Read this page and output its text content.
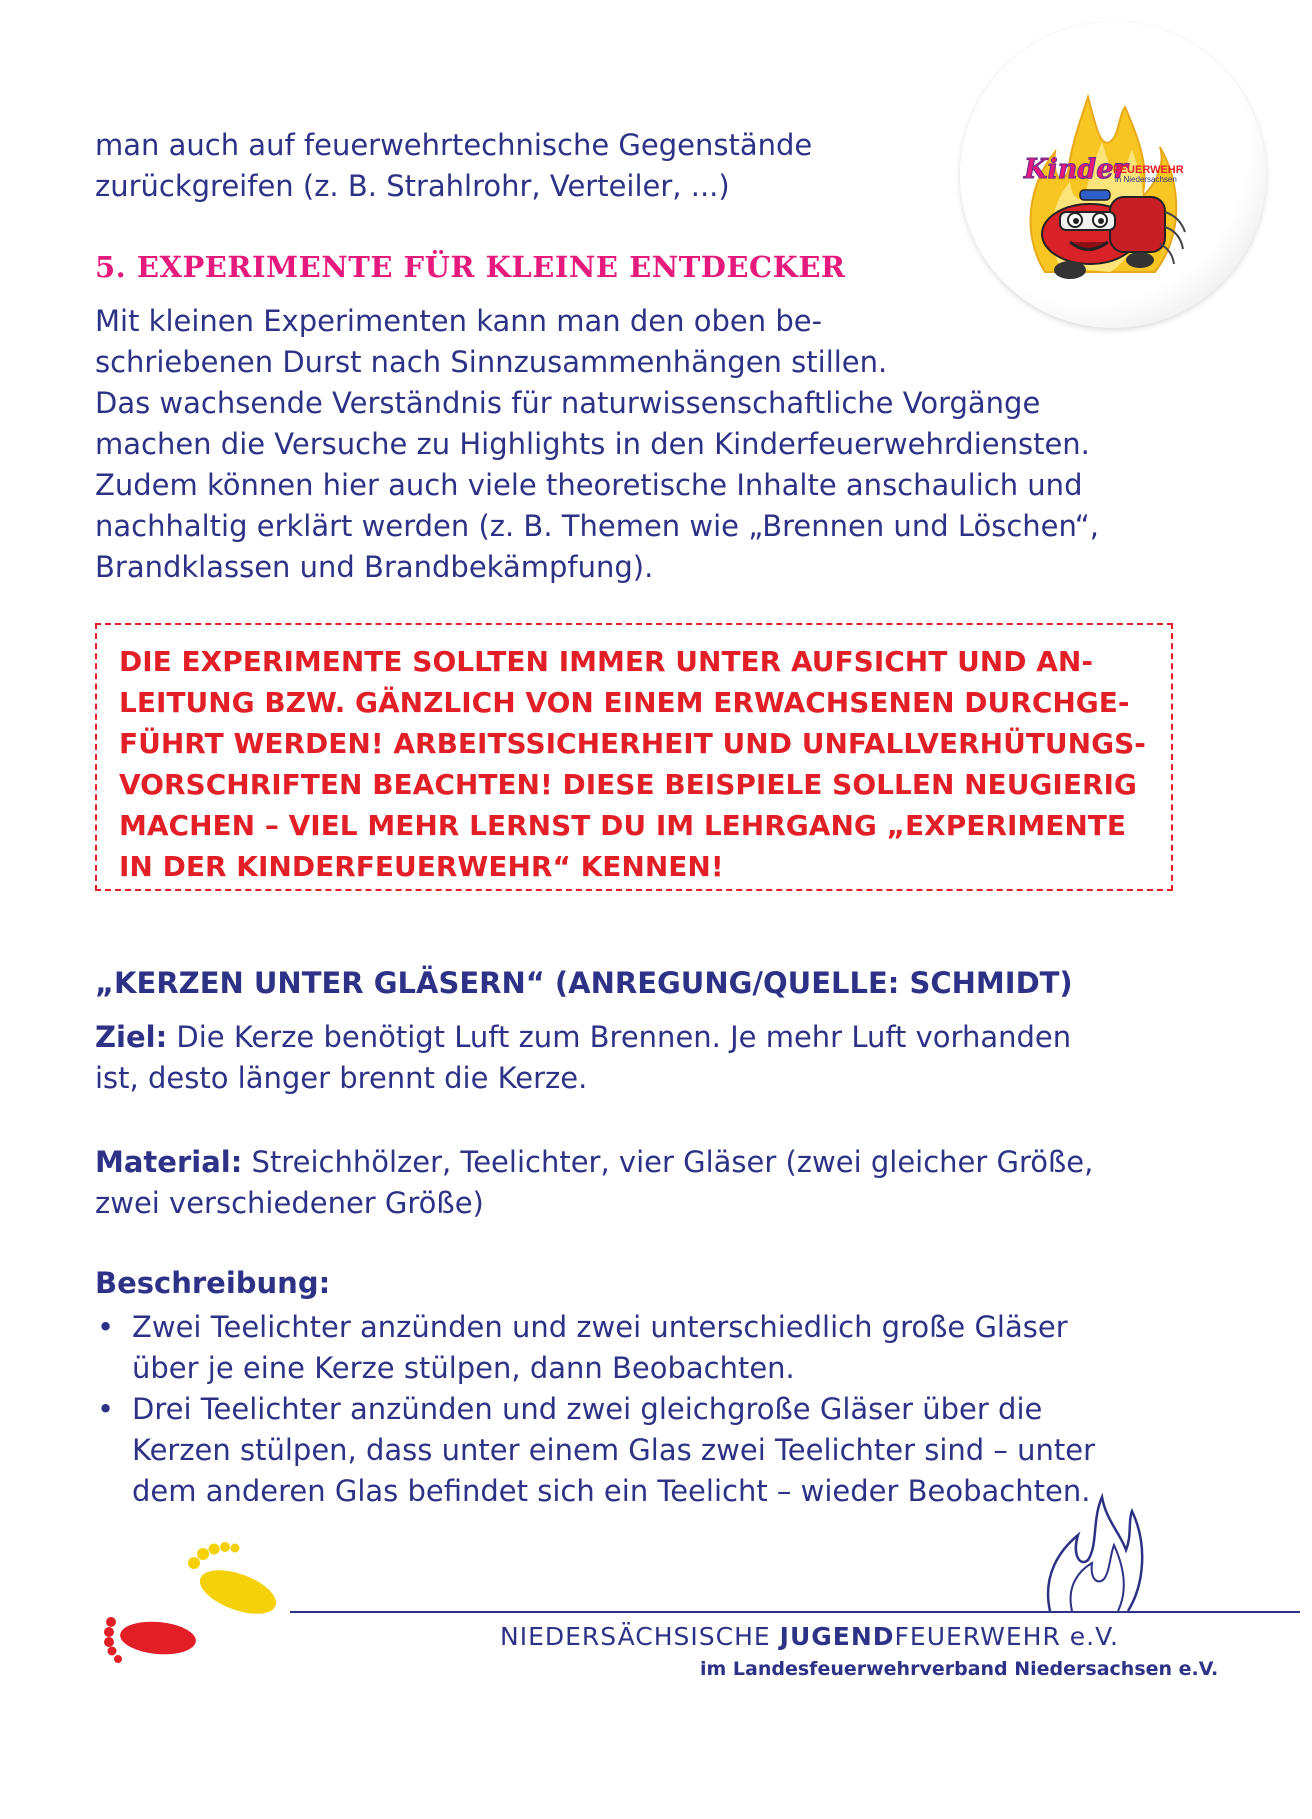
man auch auf feuerwehrtechnische Gegenstände
zurückgreifen (z. B. Strahlrohr, Verteiler, ...)
5. EXPERIMENTE FÜR KLEINE ENTDECKER
Mit kleinen Experimenten kann man den oben be-
schriebenen Durst nach Sinnzusammenhängen stillen.
Das wachsende Verständnis für naturwissenschaftliche Vorgänge
machen die Versuche zu Highlights in den Kinderfeuerwehrdiensten.
Zudem können hier auch viele theoretische Inhalte anschaulich und
nachhaltig erklärt werden (z. B. Themen wie „Brennen und Löschen“,
Brandklassen und Brandbekämpfung).
DIE EXPERIMENTE SOLLTEN IMMER UNTER AUFSICHT UND AN-
LEITUNG BZW. GÄNZLICH VON EINEM ERWACHSENEN DURCHGE-
FÜHRT WERDEN! ARBEITSSICHERHEIT UND UNFALLVERHÜTUNGS-
VORSCHRIFTEN BEACHTEN! DIESE BEISPIELE SOLLEN NEUGIERIG
MACHEN – VIEL MEHR LERNST DU IM LEHRGANG „EXPERIMENTE
IN DER KINDERFEUERWEHR“ KENNEN!
„KERZEN UNTER GLÄSERN“ (ANREGUNG/QUELLE: SCHMIDT)
Ziel: Die Kerze benötigt Luft zum Brennen. Je mehr Luft vorhanden
ist, desto länger brennt die Kerze.
Material: Streichhölzer, Teelichter, vier Gläser (zwei gleicher Größe,
zwei verschiedener Größe)
Beschreibung:
• Zwei Teelichter anzünden und zwei unterschiedlich große Gläser
über je eine Kerze stülpen, dann Beobachten.
• Drei Teelichter anzünden und zwei gleichgroße Gläser über die
Kerzen stülpen, dass unter einem Glas zwei Teelichter sind – unter
dem anderen Glas befindet sich ein Teelicht – wieder Beobachten.
Kinder
FEUERWEHR
in Niedersachsen
NIEDERSÄCHSISCHE JUGENDFEUERWEHR e.V.
im Landesfeuerwehrverband Niedersachsen e.V.
